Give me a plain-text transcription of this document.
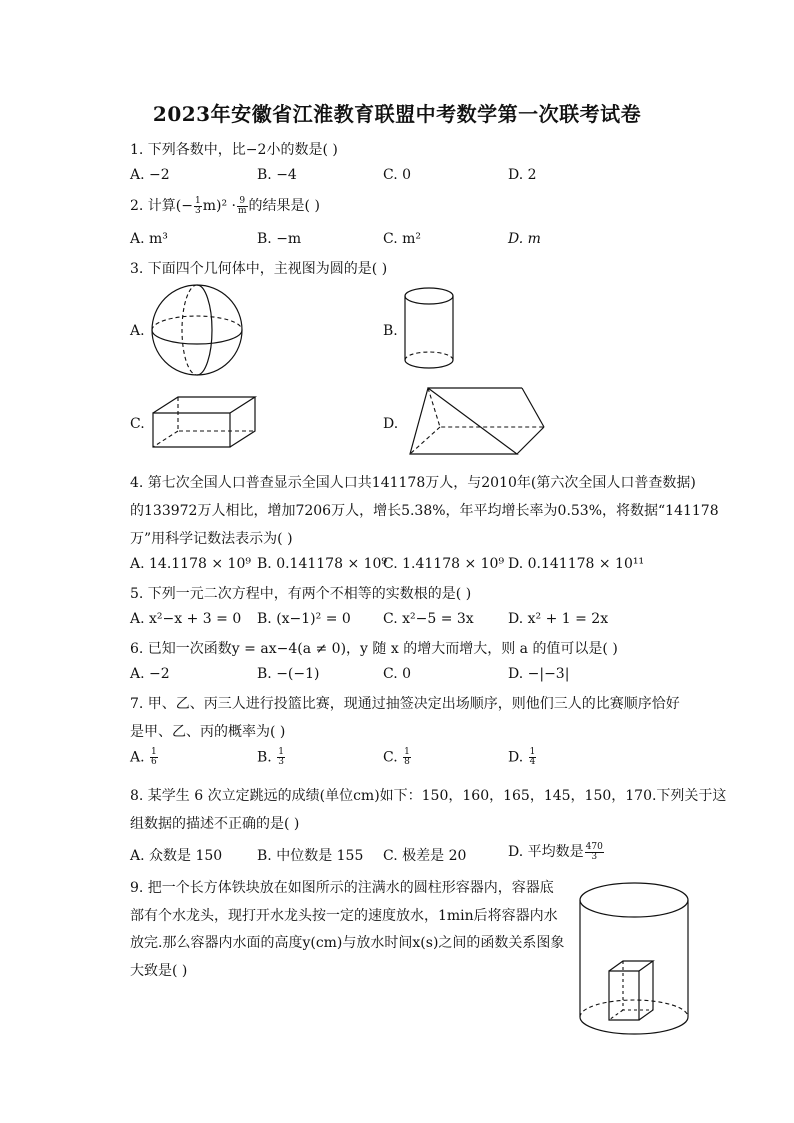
2023年安徽省江淮教育联盟中考数学第一次联考试卷
1. 下列各数中，比−2小的数是( )
A. −2	B. −4	C. 0	D. 2
2. 计算(− $\frac{1}{3} m)^2 \cdot \frac{9}{m}$ 的结果是( )
A. m³	B. −m	C. m²	D. m
3. 下面四个几何体中，主视图为圆的是( )
A.	B.
C.	D.
4. 第七次全国人口普查显示全国人口共141178万人，与2010年(第六次全国人口普查数据)
的133972万人相比，增加7206万人，增长5.38%，年平均增长率为0.53%，将数据“141178
万”用科学记数法表示为( )
A. 14.1178 × 10⁹ B. 0.141178 × 10⁹
C. 1.41178 × 10⁹ D. 0.141178 × 10¹¹
5. 下列一元二次方程中，有两个不相等的实数根的是( )
A. x²−x + 3 = 0 B. (x−1)² = 0 C. x²−5 = 3x D. x² + 1 = 2x
6. 已知一次函数y = ax−4(a ≠ 0)，y 随 x 的增大而增大，则 a 的值可以是( )
A. −2	B. −(−1)	C. 0	D. −|−3|
7. 甲、乙、丙三人进行投篮比赛，现通过抽签决定出场顺序，则他们三人的比赛顺序恰好
是甲、乙、丙的概率为( )
A. $\frac{1}{6}$	B. $\frac{1}{3}$	C. $\frac{1}{8}$	D. $\frac{1}{4}$
8. 某学生 6 次立定跳远的成绩(单位cm)如下：150，160，165，145，150，170.下列关于这
组数据的描述不正确的是( )
A. 众数是 150 B. 中位数是 155 C. 极差是 20	D. 平均数是 $\frac{470}{3}$
9. 把一个长方体铁块放在如图所示的注满水的圆柱形容器内，容器底
部有个水龙头，现打开水龙头按一定的速度放水，1min后将容器内水
放完.那么容器内水面的高度y(cm)与放水时间x(s)之间的函数关系图象
大致是( )
